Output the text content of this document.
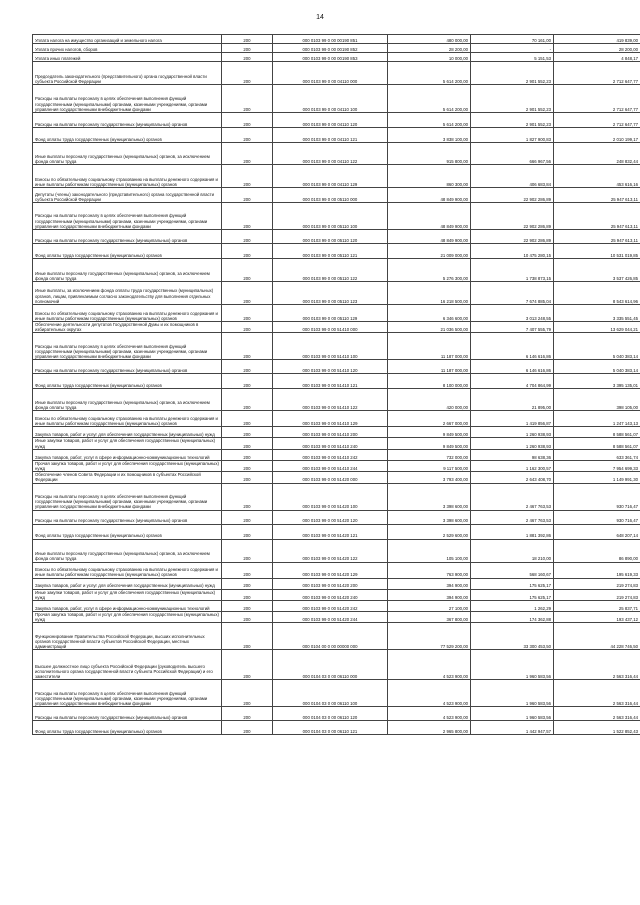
14
Уплата налога на имущество организаций и земельного налога	200	000 0103 99 0 00 00190 851	480 000,00	70 161,00	419 839,00
Уплата прочих налогов, сборов	200	000 0103 99 0 00 00190 852	28 200,00	-	28 200,00
Уплата иных платежей	200	000 0103 99 0 00 00190 853	10 000,00	5 151,53	4 848,17
Председатель законодательного (представительного) органа государственной власти субъекта Российской Федерации	200	000 0103 99 0 00 04110 000	5 614 200,00	2 901 552,23	2 712 647,77
Расходы на выплаты персоналу в целях обеспечения выполнения функций государственными (муниципальными) органами, казенными учреждениями, органами управления государственными внебюджетными фондами	200	000 0103 99 0 00 04110 100	5 614 200,00	2 901 552,23	2 712 647,77
Расходы на выплаты персоналу государственных (муниципальных) органов	200	000 0103 99 0 00 04110 120	5 614 200,00	2 901 552,23	2 712 647,77
Фонд оплаты труда государственных (муниципальных) органов	200	000 0103 99 0 00 04110 121	3 838 100,00	1 827 900,83	2 010 199,17
Иные выплаты персоналу государственных (муниципальных) органов, за исключением фонда оплаты труда	200	000 0103 99 0 00 04110 122	915 800,00	666 967,56	248 832,44
Взносы по обязательному социальному страхованию на выплаты денежного содержания и иные выплаты работникам государственных (муниципальных) органов	200	000 0103 99 0 00 04110 129	860 300,00	406 683,84	453 616,16
Депутаты (члены) законодательного (представительного) органа государственной власти субъекта Российской Федерации	200	000 0103 99 0 00 05110 000	48 849 900,00	22 902 286,89	25 947 613,11
Расходы на выплаты персоналу в целях обеспечения выполнения функций государственными (муниципальными) органами, казенными учреждениями, органами управления государственными внебюджетными фондами	200	000 0103 99 0 00 05110 100	48 849 900,00	22 902 286,89	25 947 613,11
Расходы на выплаты персоналу государственных (муниципальных) органов	200	000 0103 99 0 00 05110 120	48 849 900,00	22 902 286,89	25 947 613,11
Фонд оплаты труда государственных (муниципальных) органов	200	000 0103 99 0 00 05110 121	21 009 000,00	10 475 280,15	10 531 019,85
Иные выплаты персоналу государственных (муниципальных) органов, за исключением фонда оплаты труда	200	000 0103 99 0 00 05110 122	5 276 300,00	1 738 873,15	3 537 426,85
Иные выплаты, за исключением фонда оплаты труда государственных (муниципальных) органов, лицам, привлекаемым согласно законодательству для выполнения отдельных полномочий	200	000 0103 99 0 00 05110 123	16 218 500,00	7 674 885,04	8 543 614,96
Взносы по обязательному социальному страхованию на выплаты денежного содержания и иные выплаты работникам государственных (муниципальных) органов	200	000 0103 99 0 00 05110 129	6 346 600,00	3 013 248,55	3 335 551,45
Обеспечение деятельности депутатов Государственной Думы и их помощников в избирательных округах	200	000 0103 99 0 00 51410 000	21 036 500,00	7 407 555,79	13 629 044,21
Расходы на выплаты персоналу в целях обеспечения выполнения функций государственными (муниципальными) органами, казенными учреждениями, органами управления государственными внебюджетными фондами	200	000 0103 99 0 00 51410 100	11 187 000,00	6 146 616,86	5 040 383,14
Расходы на выплаты персоналу государственных (муниципальных) органов	200	000 0103 99 0 00 51410 120	11 187 000,00	6 146 616,86	5 040 383,14
Фонд оплаты труда государственных (муниципальных) органов	200	000 0103 99 0 00 51410 121	8 100 000,00	4 704 864,99	3 395 135,01
Иные выплаты персоналу государственных (муниципальных) органов, за исключением фонда оплаты труда	200	000 0103 99 0 00 51410 122	420 000,00	21 895,00	398 105,00
Взносы по обязательному социальному страхованию на выплаты денежного содержания и иные выплаты работникам государственных (муниципальных) органов	200	000 0103 99 0 00 51410 129	2 667 000,00	1 419 856,87	1 247 143,13
Закупка товаров, работ и услуг для обеспечения государственных (муниципальных) нужд	200	000 0103 99 0 00 51410 200	9 849 500,00	1 260 938,93	8 588 561,07
Иные закупки товаров, работ и услуг для обеспечения государственных (муниципальных) нужд	200	000 0103 99 0 00 51410 240	9 849 500,00	1 260 938,93	8 588 561,07
Закупка товаров, работ, услуг в сфере информационно-коммуникационных технологий	200	000 0103 99 0 00 51410 242	732 000,00	98 638,36	633 361,74
Прочая закупка товаров, работ и услуг для обеспечения государственных (муниципальных) нужд	200	000 0103 99 0 00 51410 244	9 117 500,00	1 162 300,57	7 954 699,33
Обеспечение членов Совета Федерации и их помощников в субъектах Российской Федерации	200	000 0103 99 0 00 51420 000	3 793 400,00	2 643 408,70	1 149 991,30
Расходы на выплаты персоналу в целях обеспечения выполнения функций государственными (муниципальными) органами, казенными учреждениями, органами управления государственными внебюджетными фондами	200	000 0103 99 0 00 51420 100	3 398 600,00	2 467 763,53	930 716,47
Расходы на выплаты персоналу государственных (муниципальных) органов	200	000 0103 99 0 00 51420 120	3 398 600,00	2 467 763,53	930 716,47
Фонд оплаты труда государственных (муниципальных) органов	200	000 0103 99 0 00 51420 121	2 529 600,00	1 881 392,86	648 207,14
Иные выплаты персоналу государственных (муниципальных) органов, за исключением фонда оплаты труда	200	000 0103 99 0 00 51420 122	105 100,00	18 210,00	86 890,00
Взносы по обязательному социальному страхованию на выплаты денежного содержания и иные выплаты работникам государственных (муниципальных) органов	200	000 0103 99 0 00 51420 129	763 900,00	568 160,67	195 619,33
Закупка товаров, работ и услуг для обеспечения государственных (муниципальных) нужд	200	000 0103 99 0 00 51420 200	394 900,00	175 625,17	219 274,83
Иные закупки товаров, работ и услуг для обеспечения государственных (муниципальных) нужд	200	000 0103 99 0 00 51420 240	394 900,00	175 625,17	219 274,83
Закупка товаров, работ, услуг в сфере информационно-коммуникационных технологий	200	000 0103 99 0 00 51420 242	27 100,00	1 262,29	25 837,71
Прочая закупка товаров, работ и услуг для обеспечения государственных (муниципальных) нужд	200	000 0103 99 0 00 51420 244	367 800,00	174 362,88	193 437,12
Функционирование Правительства Российской Федерации, высших исполнительных органов государственной власти субъектов Российской Федерации, местных администраций	200	000 0104 00 0 00 00000 000	77 529 200,00	33 300 453,50	44 228 746,50
Высшее должностное лицо субъекта Российской Федерации (руководитель высшего исполнительного органа государственной власти субъекта Российской Федерации) и его заместители	200	000 0104 03 0 00 06110 000	4 523 900,00	1 960 583,56	2 563 316,44
Расходы на выплаты персоналу в целях обеспечения выполнения функций государственными (муниципальными) органами, казенными учреждениями, органами управления государственными внебюджетными фондами	200	000 0104 03 0 00 06110 100	4 523 900,00	1 960 583,56	2 563 316,44
Расходы на выплаты персоналу государственных (муниципальных) органов	200	000 0104 03 0 00 06110 120	4 523 900,00	1 960 583,56	2 563 316,44
Фонд оплаты труда государственных (муниципальных) органов	200	000 0104 03 0 00 06110 121	2 965 800,00	1 442 947,57	1 522 852,43
